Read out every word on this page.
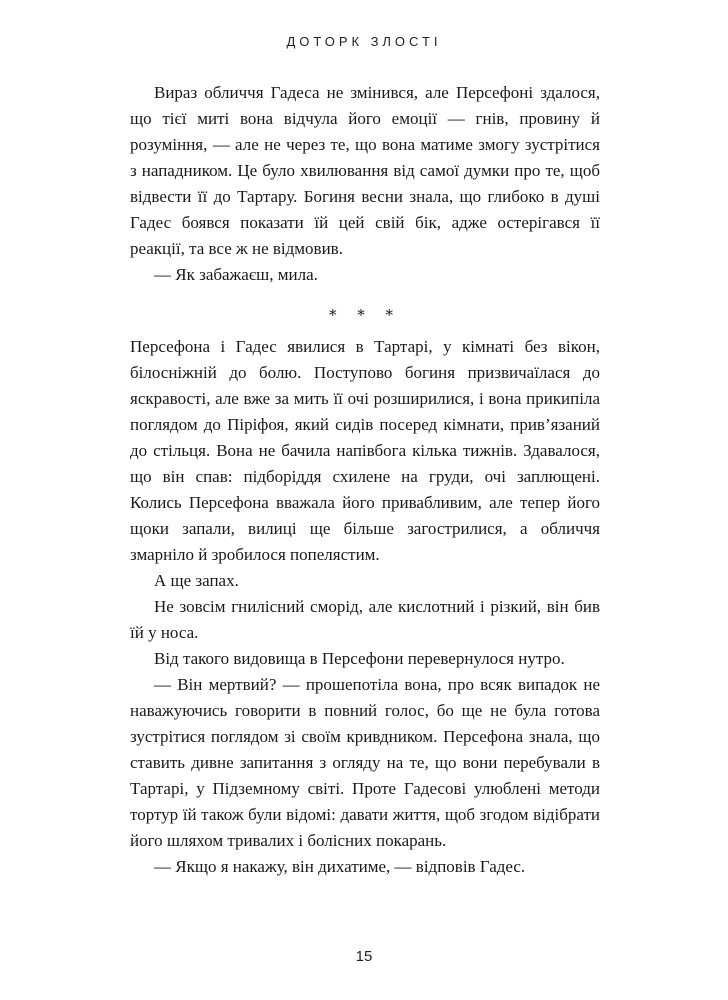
ДОТОРК ЗЛОСТІ

Вираз обличчя Гадеса не змінився, але Персефоні здалося, що тієї миті вона відчула його емоції — гнів, провину й розуміння, — але не через те, що вона матиме змогу зустрітися з нападником. Це було хвилювання від самої думки про те, щоб відвести її до Тартару. Богиня весни знала, що глибоко в душі Гадес боявся показати їй цей свій бік, адже остерігався її реакції, та все ж не відмовив.

— Як забажаєш, мила.

* * *

Персефона і Гадес явилися в Тартарі, у кімнаті без вікон, білосніжній до болю. Поступово богиня призвичаїлася до яскравості, але вже за мить її очі розширилися, і вона прикипіла поглядом до Піріфоя, який сидів посеред кімнати, прив’язаний до стільця. Вона не бачила напівбога кілька тижнів. Здавалося, що він спав: підборіддя схилене на груди, очі заплющені. Колись Персефона вважала його привабливим, але тепер його щоки запали, вилиці ще більше загострилися, а обличчя змарніло й зробилося попелястим.

А ще запах.

Не зовсім гнилісний сморід, але кислотний і різкий, він бив їй у носа.

Від такого видовища в Персефони перевернулося нутро.

— Він мертвий? — прошепотіла вона, про всяк випадок не наважуючись говорити в повний голос, бо ще не була готова зустрітися поглядом зі своїм кривдником. Персефона знала, що ставить дивне запитання з огляду на те, що вони перебували в Тартарі, у Підземному світі. Проте Гадесові улюблені методи тортур їй також були відомі: давати життя, щоб згодом відібрати його шляхом тривалих і болісних покарань.

— Якщо я накажу, він дихатиме, — відповів Гадес.

15
